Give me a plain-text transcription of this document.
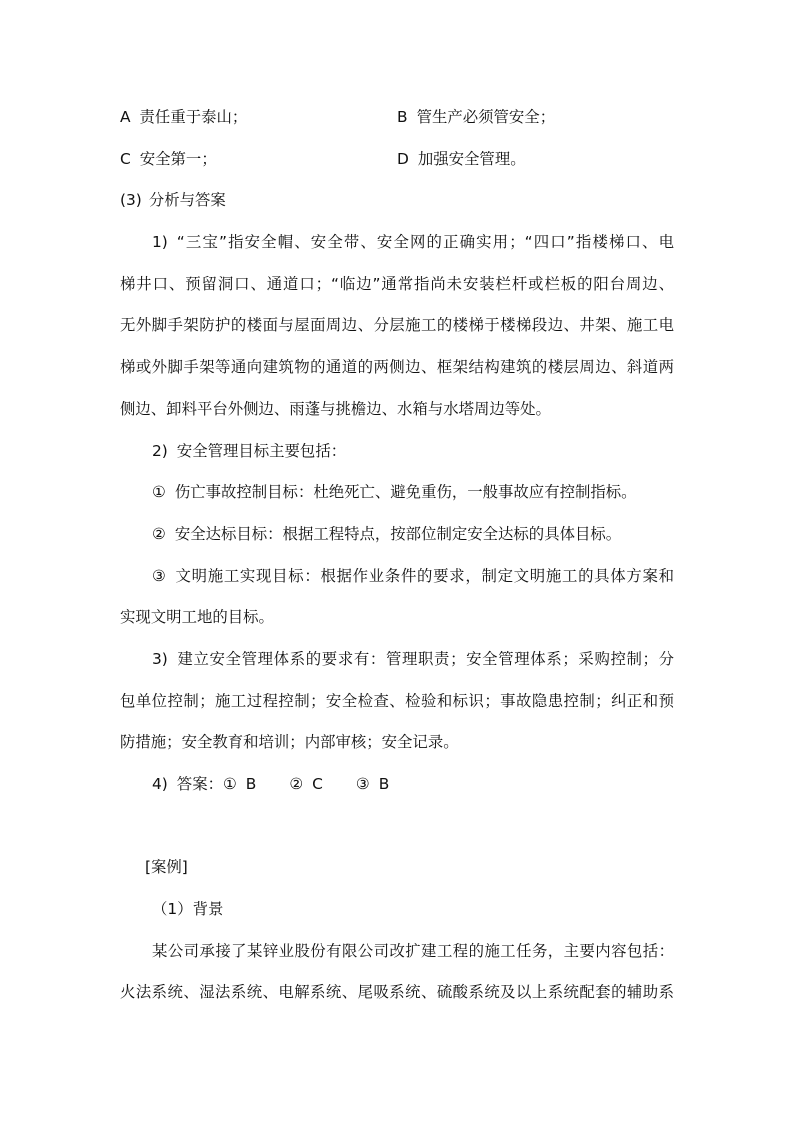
A 责任重于泰山；	B 管生产必须管安全；
C 安全第一；	D 加强安全管理。
(3) 分析与答案
1) “三宝”指安全帽、安全带、安全网的正确实用；“四口”指楼梯口、电
梯井口、预留洞口、通道口；“临边”通常指尚未安装栏杆或栏板的阳台周边、
无外脚手架防护的楼面与屋面周边、分层施工的楼梯于楼梯段边、井架、施工电
梯或外脚手架等通向建筑物的通道的两侧边、框架结构建筑的楼层周边、斜道两
侧边、卸料平台外侧边、雨蓬与挑檐边、水箱与水塔周边等处。
2) 安全管理目标主要包括：
① 伤亡事故控制目标：杜绝死亡、避免重伤，一般事故应有控制指标。
② 安全达标目标：根据工程特点，按部位制定安全达标的具体目标。
③ 文明施工实现目标：根据作业条件的要求，制定文明施工的具体方案和
实现文明工地的目标。
3) 建立安全管理体系的要求有：管理职责；安全管理体系；采购控制；分
包单位控制；施工过程控制；安全检查、检验和标识；事故隐患控制；纠正和预
防措施；安全教育和培训；内部审核；安全记录。
4) 答案：① B ② C ③ B
[案例]
（1）背景
某公司承接了某锌业股份有限公司改扩建工程的施工任务，主要内容包括：
火法系统、湿法系统、电解系统、尾吸系统、硫酸系统及以上系统配套的辅助系
